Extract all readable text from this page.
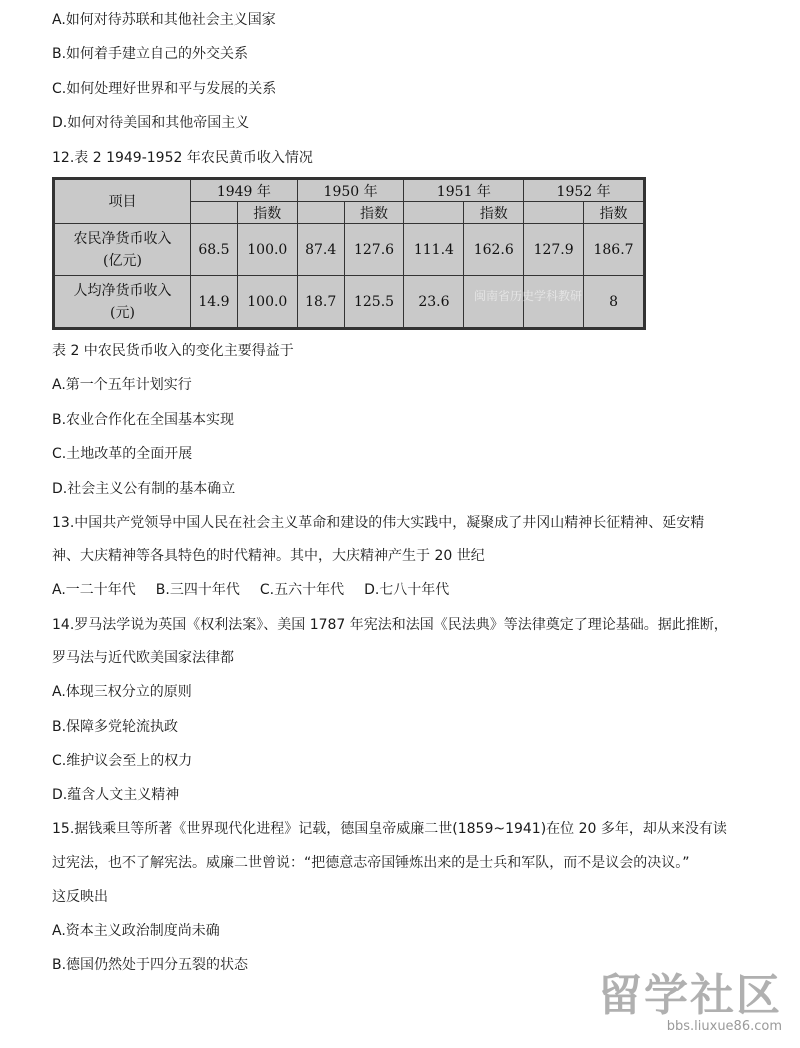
A.如何对待苏联和其他社会主义国家
B.如何着手建立自己的外交关系
C.如何处理好世界和平与发展的关系
D.如何对待美国和其他帝国主义
12.表 2 1949-1952 年农民黄币收入情况
项目	1949 年		1950 年		1951 年		1952 年	
		指数		指数		指数		指数

农民净货币收入
(亿元)	68.5	100.0	87.4	127.6	111.4	162.6	127.9	186.7

人均净货币收入
(元)	14.9	100.0	18.7	125.5	23.6			8
闽南省历史学科教研
表 2 中农民货币收入的变化主要得益于
A.第一个五年计划实行
B.农业合作化在全国基本实现
C.土地改革的全面开展
D.社会主义公有制的基本确立
13.中国共产党领导中国人民在社会主义革命和建设的伟大实践中，凝聚成了井冈山精神长征精神、延安精
神、大庆精神等各具特色的时代精神。其中，大庆精神产生于 20 世纪
A.一二十年代 B.三四十年代 C.五六十年代 D.七八十年代
14.罗马法学说为英国《权利法案》、美国 1787 年宪法和法国《民法典》等法律奠定了理论基础。据此推断，
罗马法与近代欧美国家法律都
A.体现三权分立的原则
B.保障多党轮流执政
C.维护议会至上的权力
D.蕴含人文主义精神
15.据钱乘旦等所著《世界现代化进程》记载，德国皇帝威廉二世(1859~1941)在位 20 多年，却从来没有读
过宪法，也不了解宪法。威廉二世曾说：“把德意志帝国锤炼出来的是士兵和军队，而不是议会的决议。”
这反映出
A.资本主义政治制度尚未确
B.德国仍然处于四分五裂的状态
留学社区
bbs.liuxue86.com
